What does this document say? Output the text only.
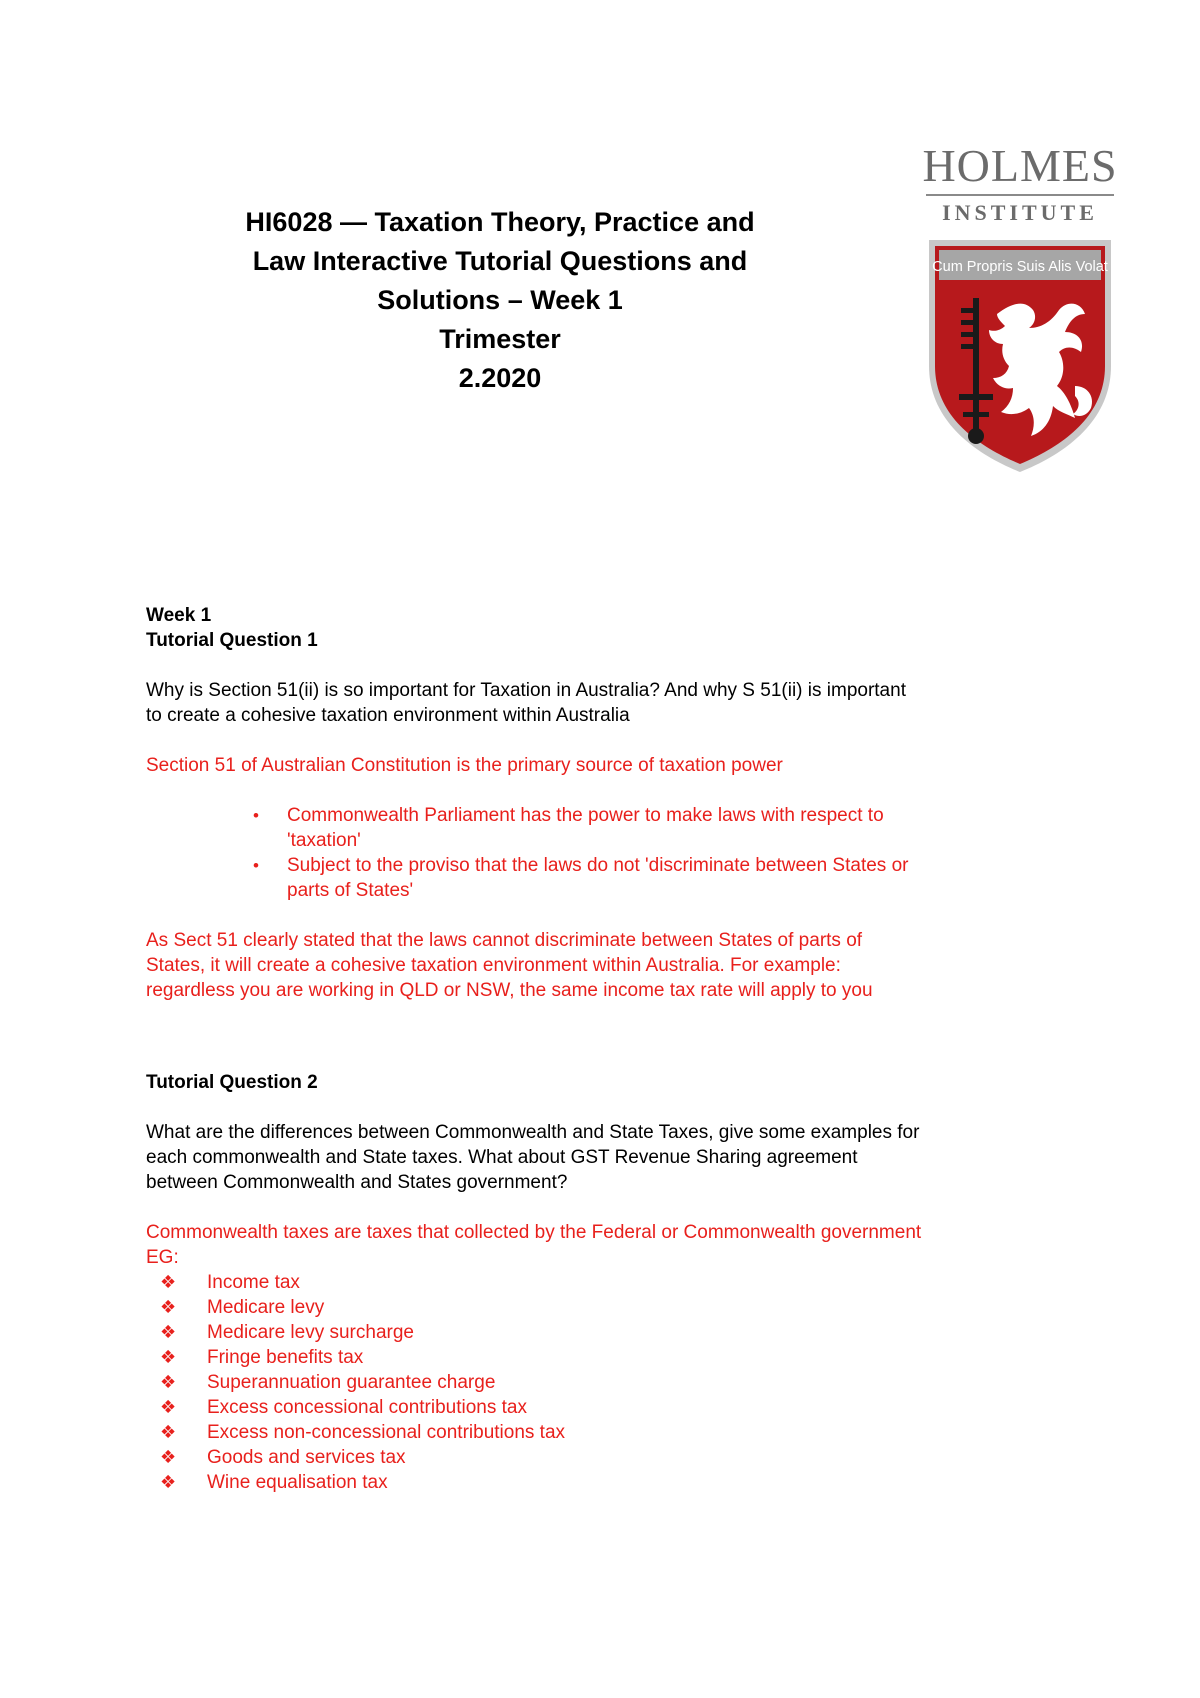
HI6028 — Taxation Theory, Practice and
Law Interactive Tutorial Questions and
Solutions – Week 1
Trimester
2.2020
HOLMES
INSTITUTE
Cum Propris Suis Alis Volat

Week 1

Tutorial Question 1

Why is Section 51(ii) is so important for Taxation in Australia? And why S 51(ii) is important

to create a cohesive taxation environment within Australia

Section 51 of Australian Constitution is the primary source of taxation power

• Commonwealth Parliament has the power to make laws with respect to
'taxation'
• Subject to the proviso that the laws do not 'discriminate between States or
parts of States'

As Sect 51 clearly stated that the laws cannot discriminate between States of parts of

States, it will create a cohesive taxation environment within Australia. For example:

regardless you are working in QLD or NSW, the same income tax rate will apply to you

Tutorial Question 2

What are the differences between Commonwealth and State Taxes, give some examples for

each commonwealth and State taxes. What about GST Revenue Sharing agreement

between Commonwealth and States government?

Commonwealth taxes are taxes that collected by the Federal or Commonwealth government

EG:

❖ Income tax
❖ Medicare levy
❖ Medicare levy surcharge
❖ Fringe benefits tax
❖ Superannuation guarantee charge
❖ Excess concessional contributions tax
❖ Excess non-concessional contributions tax
❖ Goods and services tax
❖ Wine equalisation tax
